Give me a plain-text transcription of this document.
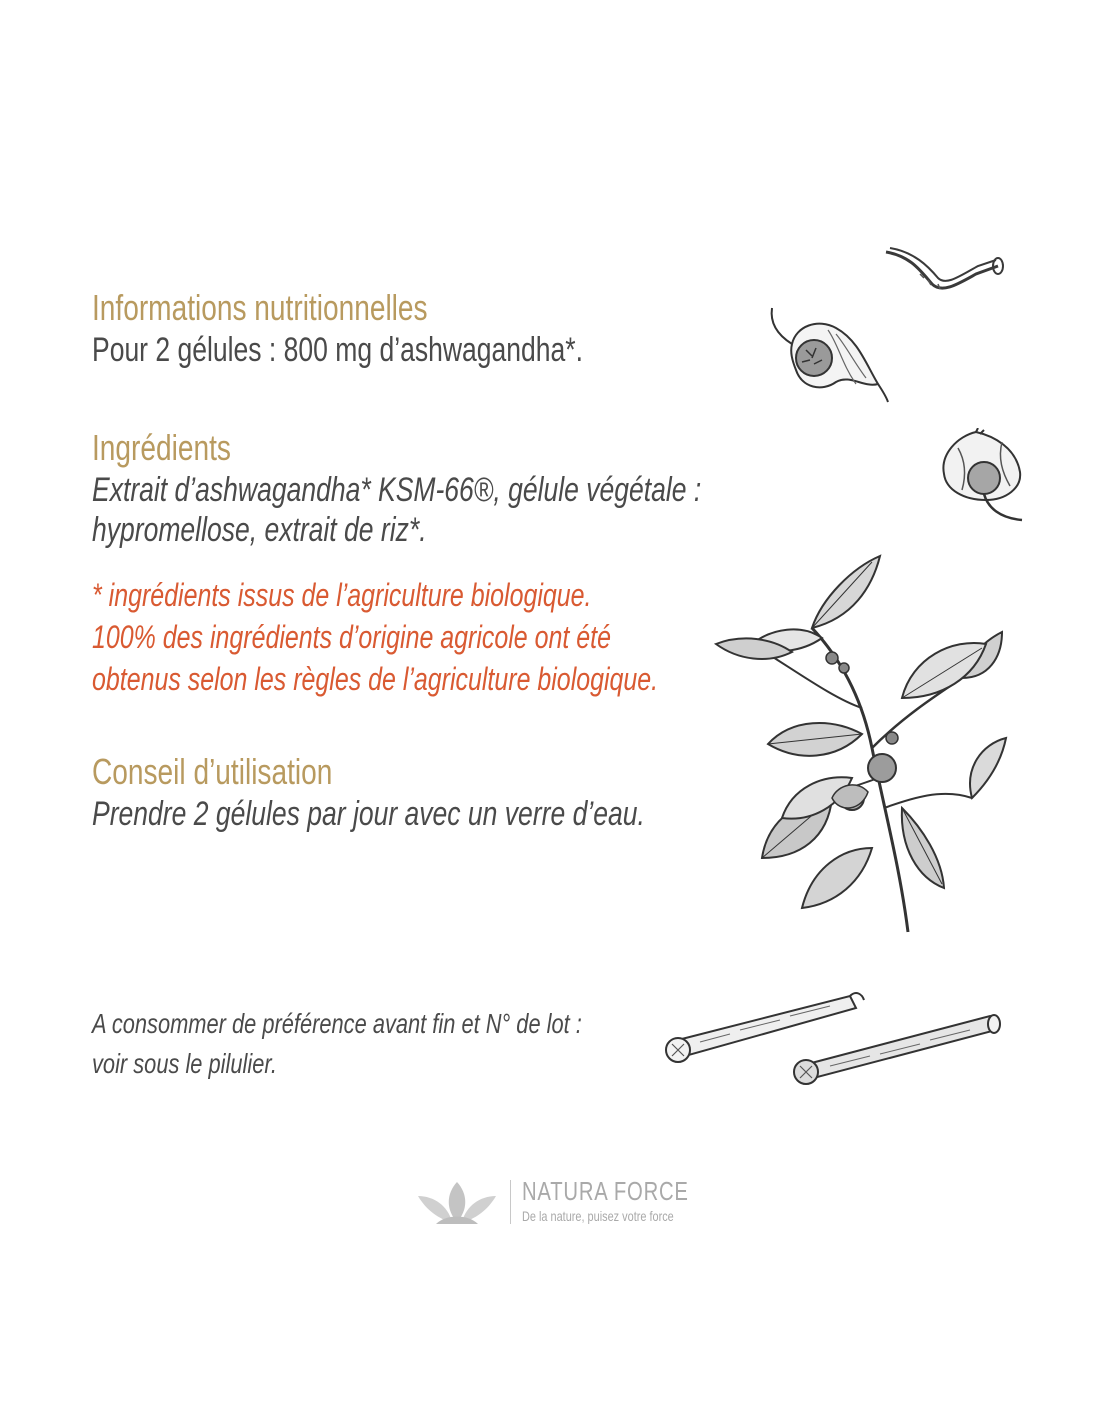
Informations nutritionnelles

Pour 2 gélules : 800 mg d’ashwagandha*.

Ingrédients

Extrait d’ashwagandha* KSM-66®, gélule végétale :

hypromellose, extrait de riz*.

* ingrédients issus de l’agriculture biologique.

100% des ingrédients d’origine agricole ont été

obtenus selon les règles de l’agriculture biologique.

Conseil d’utilisation

Prendre 2 gélules par jour avec un verre d’eau.

A consommer de préférence avant fin et N° de lot :

voir sous le pilulier.

NATURA FORCE
De la nature, puisez votre force
